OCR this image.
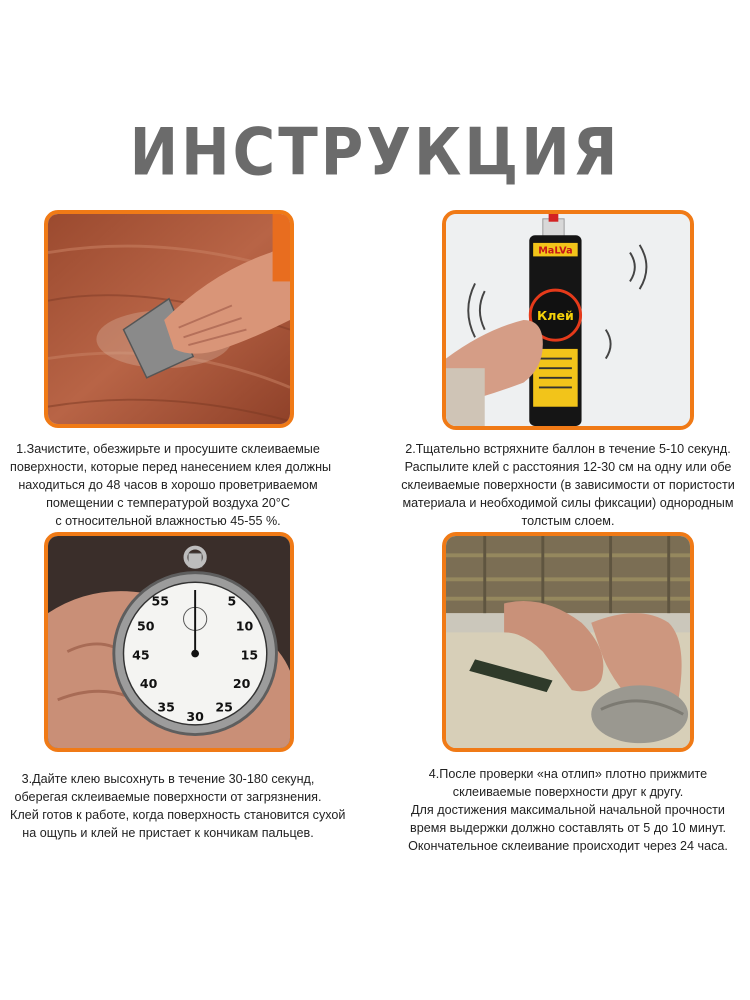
ИНСТРУКЦИЯ
MaLVa
Клей
5
10
15
20
25
30
35
40
45
50
55
1.Зачистите, обезжирьте и просушите склеиваемые
поверхности, которые перед нанесением клея должны
находиться до 48 часов в хорошо проветриваемом
помещении с температурой воздуха 20°С
с относительной влажностью 45-55 %.
2.Тщательно встряхните баллон в течение 5-10 секунд.
Распылите клей с расстояния 12-30 см на одну или обе
склеиваемые поверхности (в зависимости от пористости
материала и необходимой силы фиксации) однородным
толстым слоем.
3.Дайте клею высохнуть в течение 30-180 секунд,
оберегая склеиваемые поверхности от загрязнения.
Клей готов к работе, когда поверхность становится сухой
на ощупь и клей не пристает к кончикам пальцев.
4.После проверки «на отлип» плотно прижмите
склеиваемые поверхности друг к другу.
Для достижения максимальной начальной прочности
время выдержки должно составлять от 5 до 10 минут.
Окончательное склеивание происходит через 24 часа.
